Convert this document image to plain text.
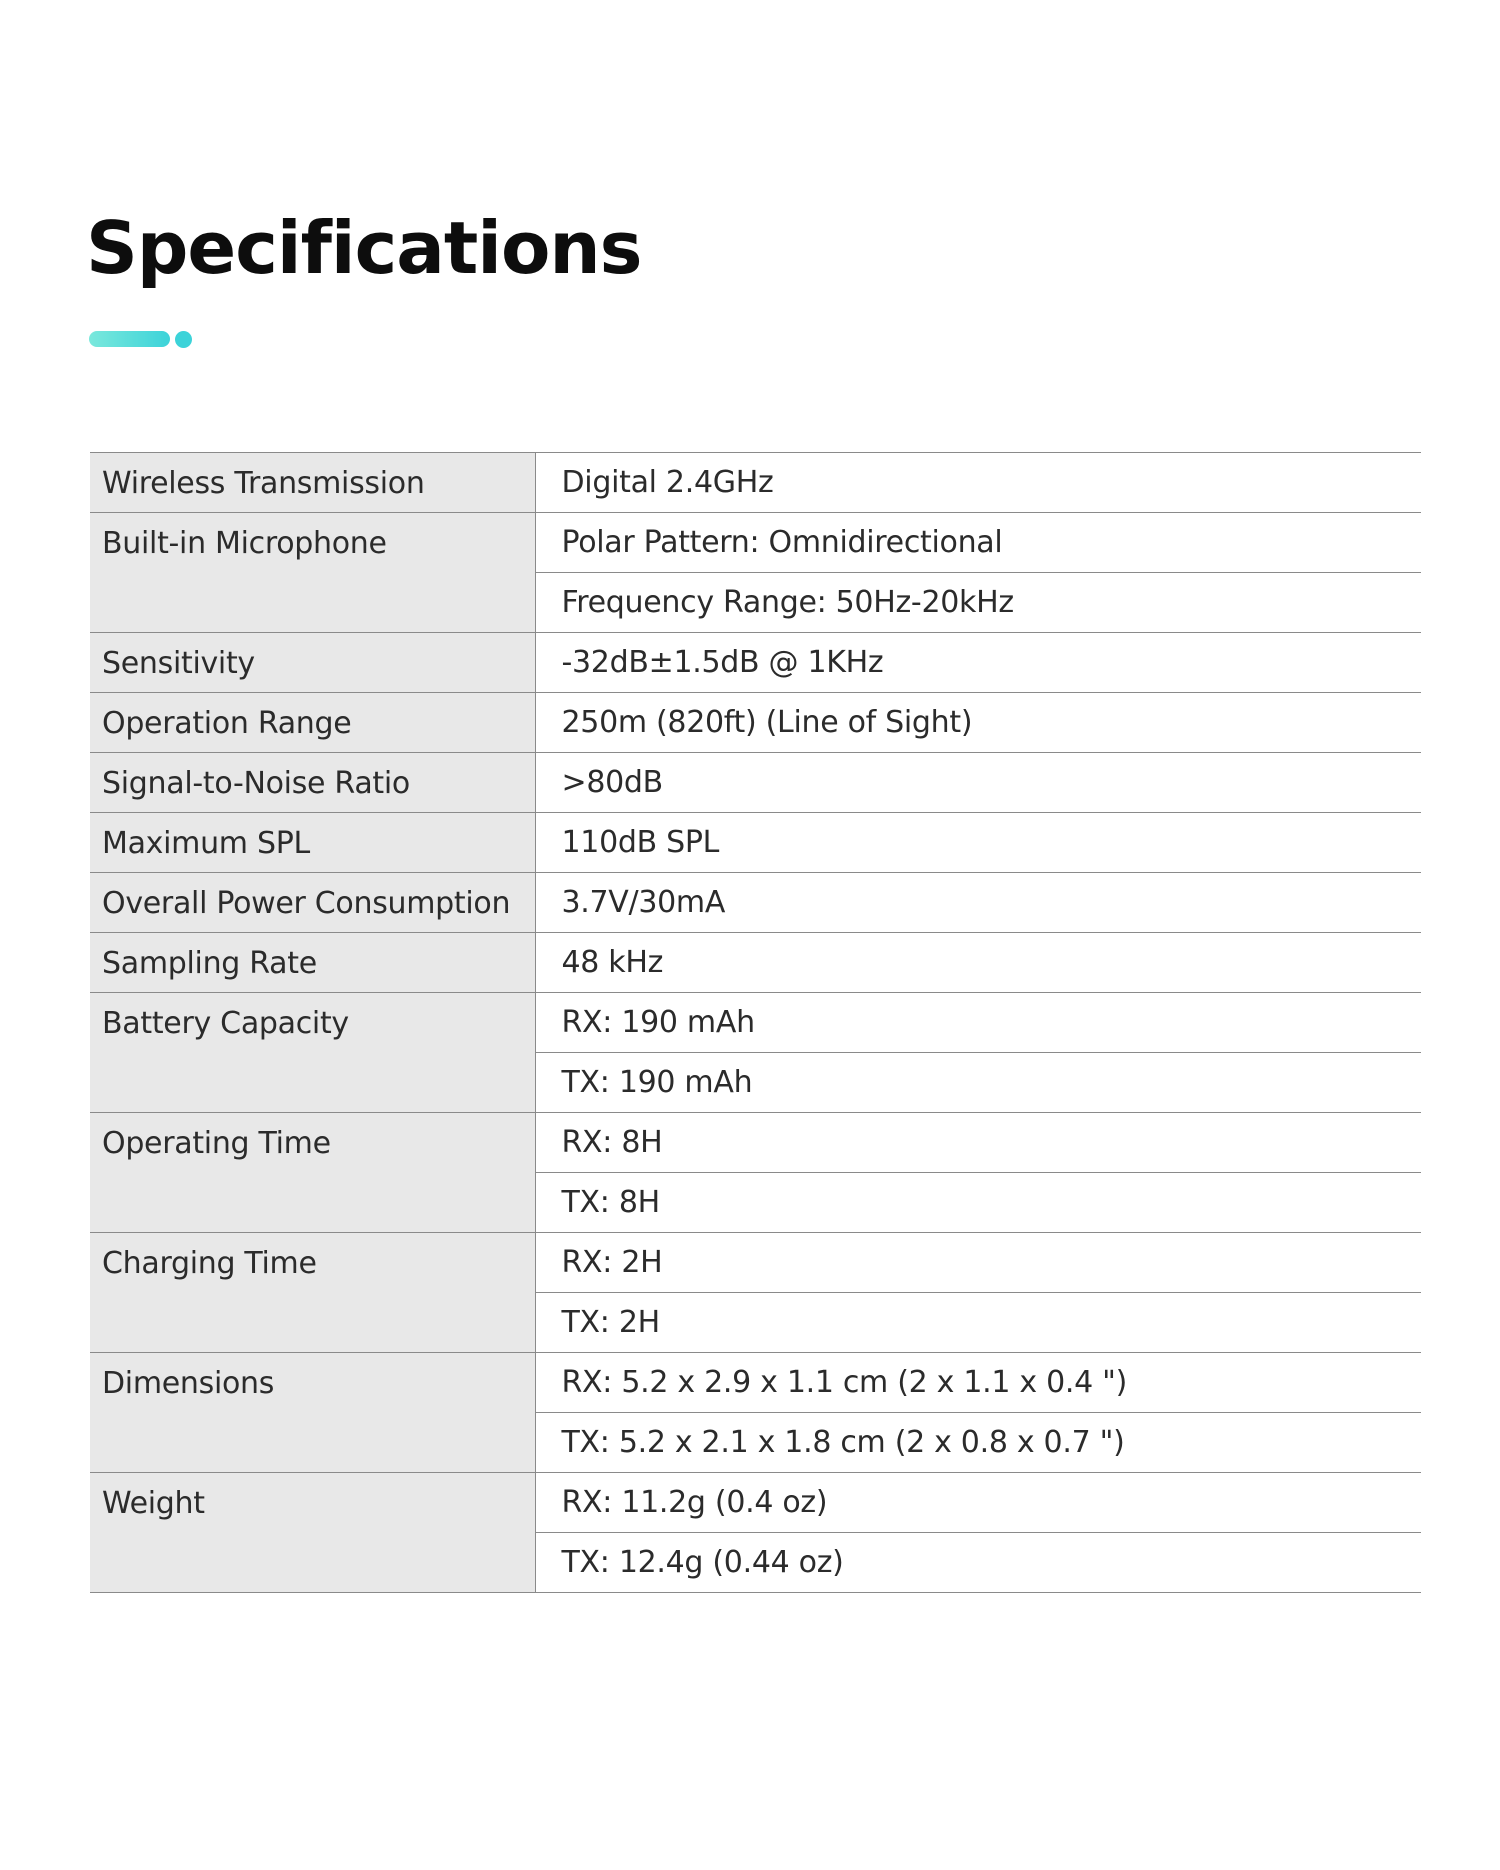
Specifications
Wireless Transmission	Digital 2.4GHz
Built-in Microphone	Polar Pattern: Omnidirectional
	Frequency Range: 50Hz-20kHz
Sensitivity	-32dB±1.5dB @ 1KHz
Operation Range	250m (820ft) (Line of Sight)
Signal-to-Noise Ratio	>80dB
Maximum SPL	110dB SPL
Overall Power Consumption	3.7V/30mA
Sampling Rate	48 kHz
Battery Capacity	RX: 190 mAh
	TX: 190 mAh
Operating Time	RX: 8H
	TX: 8H
Charging Time	RX: 2H
	TX: 2H
Dimensions	RX: 5.2 x 2.9 x 1.1 cm (2 x 1.1 x 0.4 ")
	TX: 5.2 x 2.1 x 1.8 cm (2 x 0.8 x 0.7 ")
Weight	RX: 11.2g (0.4 oz)
	TX: 12.4g (0.44 oz)
